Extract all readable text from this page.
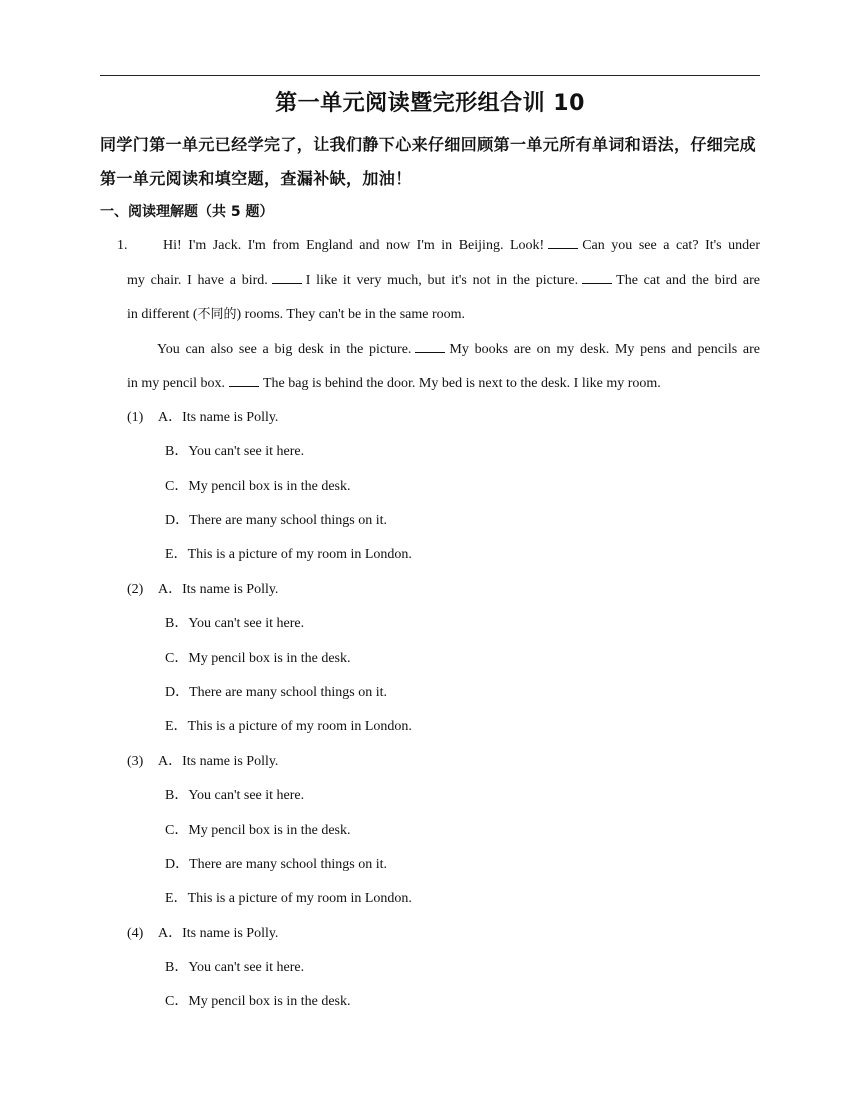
第一单元阅读暨完形组合训 10
同学门第一单元已经学完了，让我们静下心来仔细回顾第一单元所有单词和语法，仔细完成第一单元阅读和填空题，查漏补缺，加油！
一、阅读理解题（共 5 题）
1.	Hi! I'm Jack. I'm from England and now I'm in Beijing. Look!	Can you see a cat? It's under
my chair. I have a bird.	I like it very much, but it's not in the picture.	The cat and the bird are
in different (不同的) rooms. They can't be in the same room.
You can also see a big desk in the picture.	My books are on my desk. My pens and pencils are
in my pencil box.	The bag is behind the door. My bed is next to the desk. I like my room.
(1) A．Its name is Polly.
B．You can't see it here.
C．My pencil box is in the desk.
D．There are many school things on it.
E．This is a picture of my room in London.
(2) A．Its name is Polly.
B．You can't see it here.
C．My pencil box is in the desk.
D．There are many school things on it.
E．This is a picture of my room in London.
(3) A．Its name is Polly.
B．You can't see it here.
C．My pencil box is in the desk.
D．There are many school things on it.
E．This is a picture of my room in London.
(4) A．Its name is Polly.
B．You can't see it here.
C．My pencil box is in the desk.
